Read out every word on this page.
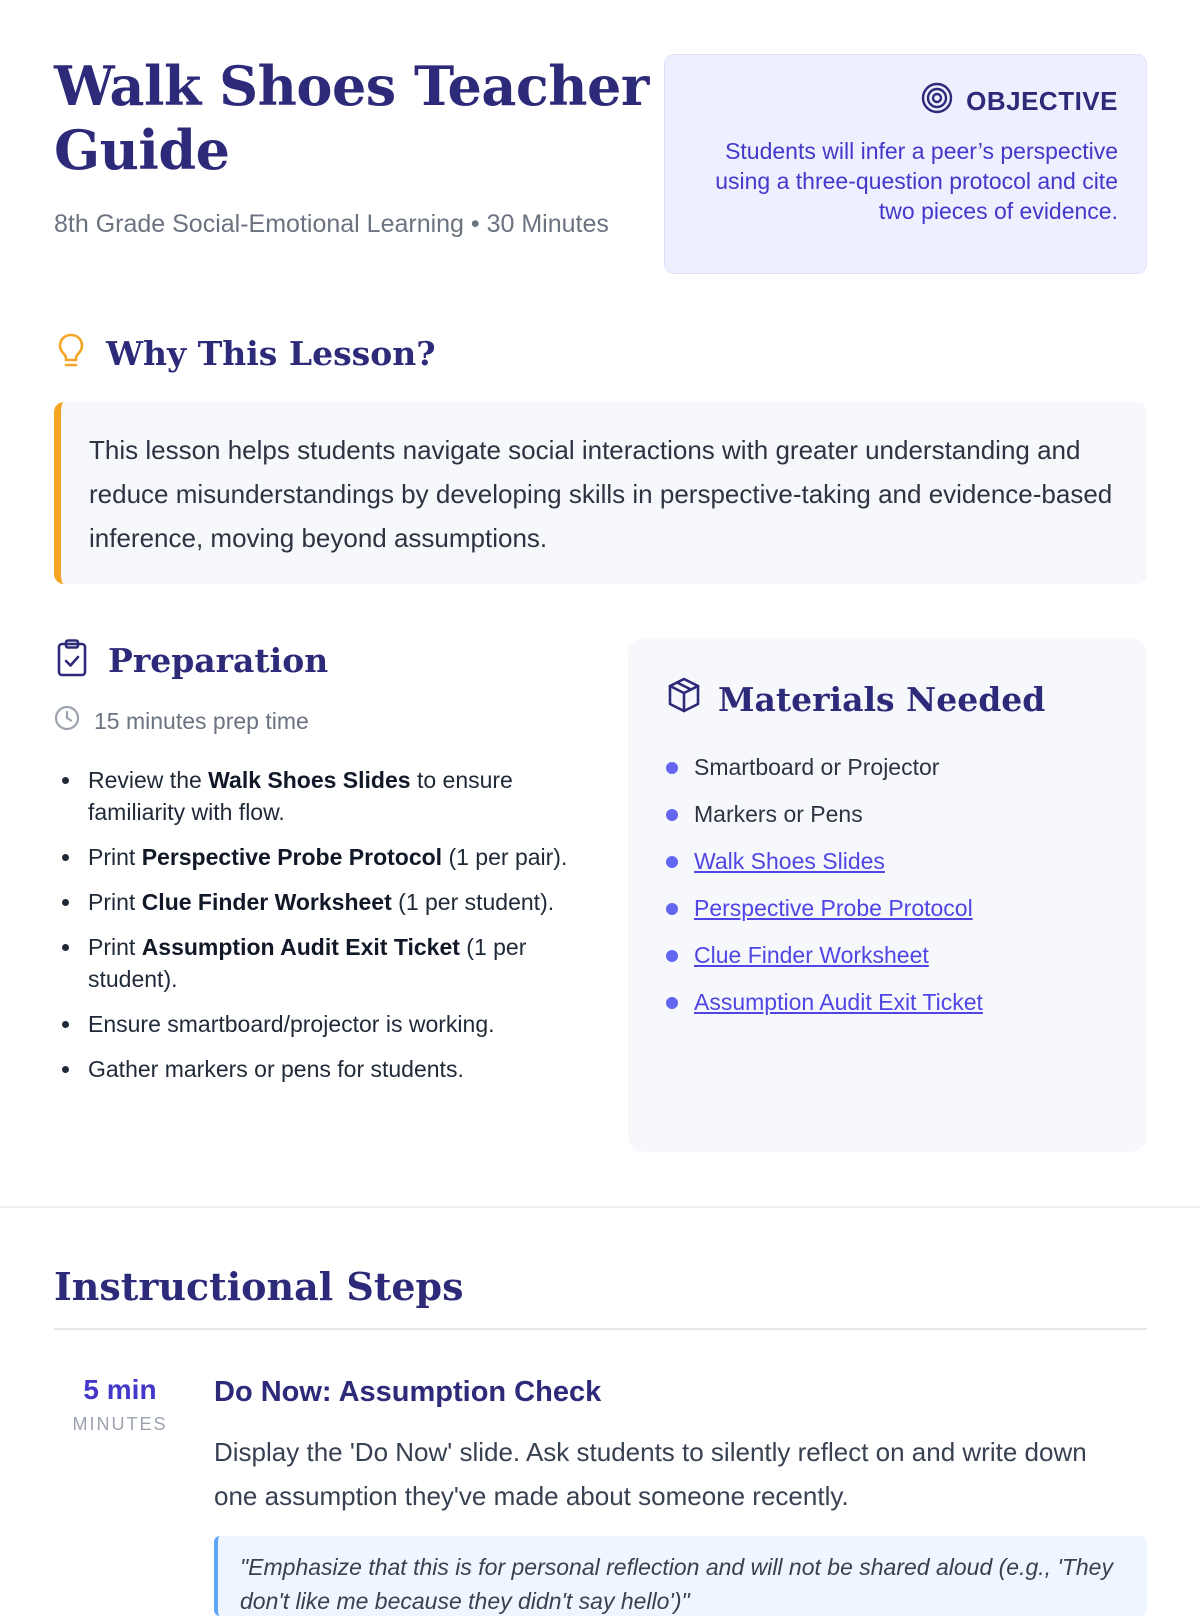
Walk Shoes Teacher Guide
8th Grade Social-Emotional Learning • 30 Minutes
OBJECTIVE
Students will infer a peer’s perspective using a three-question protocol and cite two pieces of evidence.
Why This Lesson?
This lesson helps students navigate social interactions with greater understanding and reduce misunderstandings by developing skills in perspective-taking and evidence-based inference, moving beyond assumptions.
Preparation
15 minutes prep time
Review the Walk Shoes Slides to ensure familiarity with flow.
Print Perspective Probe Protocol (1 per pair).
Print Clue Finder Worksheet (1 per student).
Print Assumption Audit Exit Ticket (1 per student).
Ensure smartboard/projector is working.
Gather markers or pens for students.
Materials Needed
Smartboard or Projector
Markers or Pens
Walk Shoes Slides
Perspective Probe Protocol
Clue Finder Worksheet
Assumption Audit Exit Ticket
Instructional Steps
5 min
MINUTES
Do Now: Assumption Check
Display the 'Do Now' slide. Ask students to silently reflect on and write down one assumption they've made about someone recently.
"Emphasize that this is for personal reflection and will not be shared aloud (e.g., 'They don't like me because they didn't say hello')"
